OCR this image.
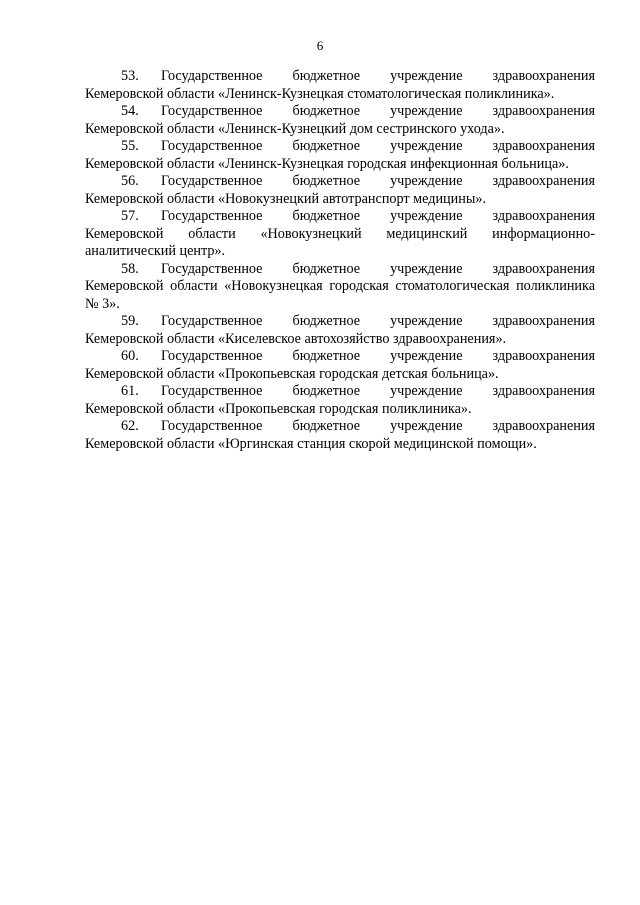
6

53. Государственное бюджетное учреждение здравоохранения Кемеровской области «Ленинск-Кузнецкая стоматологическая поликлиника».

54. Государственное бюджетное учреждение здравоохранения Кемеровской области «Ленинск-Кузнецкий дом сестринского ухода».

55. Государственное бюджетное учреждение здравоохранения Кемеровской области «Ленинск-Кузнецкая городская инфекционная больница».

56. Государственное бюджетное учреждение здравоохранения Кемеровской области «Новокузнецкий автотранспорт медицины».

57. Государственное бюджетное учреждение здравоохранения Кемеровской области «Новокузнецкий медицинский информационно-аналитический центр».

58. Государственное бюджетное учреждение здравоохранения Кемеровской области «Новокузнецкая городская стоматологическая поликлиника № 3».

59. Государственное бюджетное учреждение здравоохранения Кемеровской области «Киселевское автохозяйство здравоохранения».

60. Государственное бюджетное учреждение здравоохранения Кемеровской области «Прокопьевская городская детская больница».

61. Государственное бюджетное учреждение здравоохранения Кемеровской области «Прокопьевская городская поликлиника».

62. Государственное бюджетное учреждение здравоохранения Кемеровской области «Юргинская станция скорой медицинской помощи».
